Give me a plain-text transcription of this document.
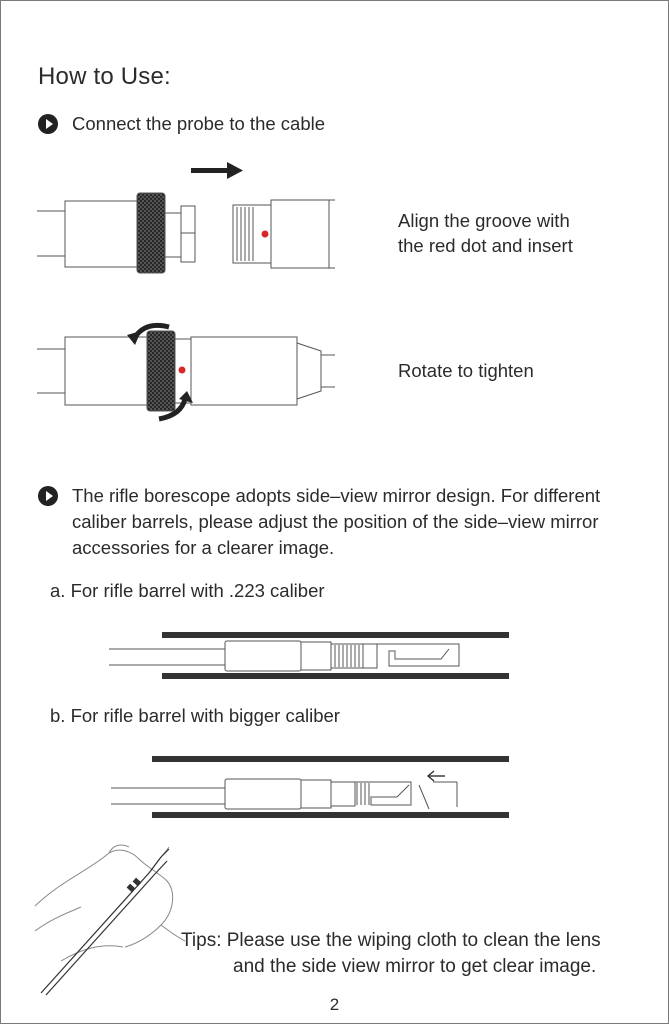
How to Use:
Connect the probe to the cable
Align the groove with
the red dot and insert
Rotate to tighten
The rifle borescope adopts side–view mirror design. For different caliber barrels, please adjust the position of the side–view mirror accessories for a clearer image.
a. For rifle barrel with .223 caliber
b. For rifle barrel with bigger caliber
Tips: Please use the wiping cloth to clean the lens
and the side view mirror to get clear image.
2
